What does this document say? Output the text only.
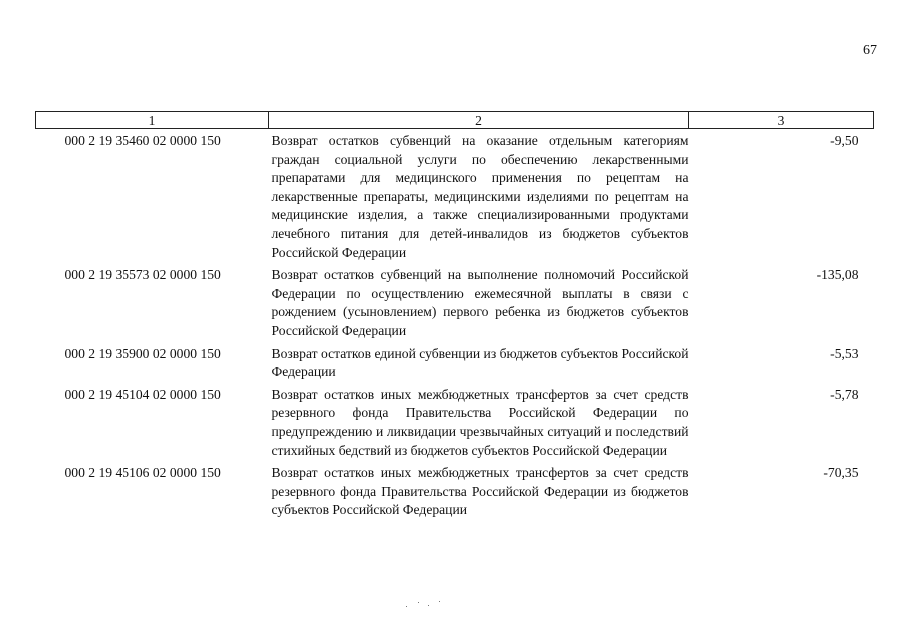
67
1	2	3
000 2 19 35460 02 0000 150	Возврат остатков субвенций на оказание отдельным категориям граждан социальной услуги по обеспечению лекарственными препаратами для медицинского применения по рецептам на лекарственные препараты, медицинскими изделиями по рецептам на медицинские изделия, а также специализированными продуктами лечебного питания для детей-инвалидов из бюджетов субъектов Российской Федерации	-9,50
000 2 19 35573 02 0000 150	Возврат остатков субвенций на выполнение полномочий Российской Федерации по осуществлению ежемесячной выплаты в связи с рождением (усыновлением) первого ребенка из бюджетов субъектов Российской Федерации	-135,08
000 2 19 35900 02 0000 150	Возврат остатков единой субвенции из бюджетов субъектов Российской Федерации	-5,53
000 2 19 45104 02 0000 150	Возврат остатков иных межбюджетных трансфертов за счет средств резервного фонда Правительства Российской Федерации по предупреждению и ликвидации чрезвычайных ситуаций и последствий стихийных бедствий из бюджетов субъектов Российской Федерации	-5,78
000 2 19 45106 02 0000 150	Возврат остатков иных межбюджетных трансфертов за счет средств резервного фонда Правительства Российской Федерации из бюджетов субъектов Российской Федерации	-70,35
